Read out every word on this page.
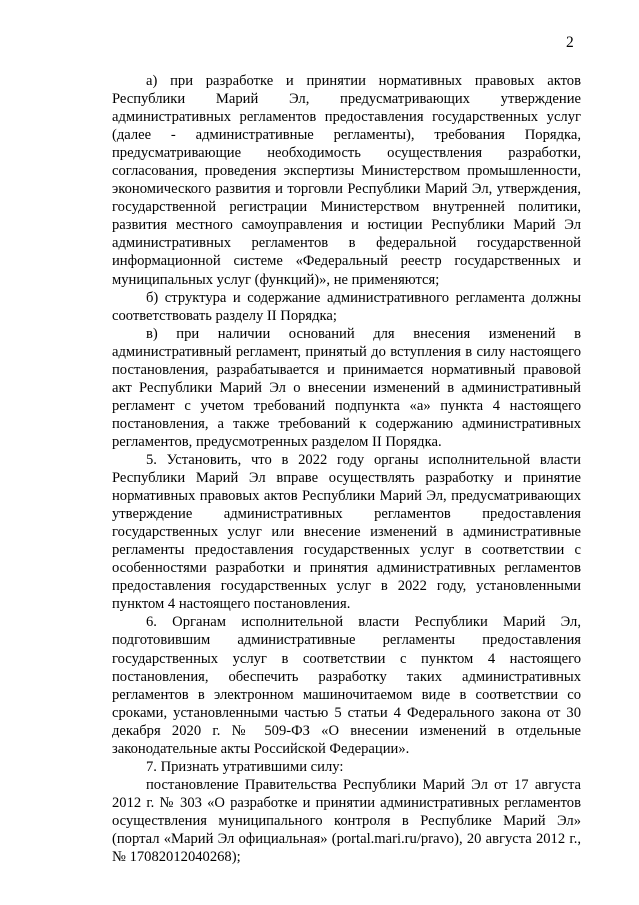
2

а) при разработке и принятии нормативных правовых актов Республики Марий Эл, предусматривающих утверждение административных регламентов предоставления государственных услуг (далее - административные регламенты), требования Порядка, предусматривающие необходимость осуществления разработки, согласования, проведения экспертизы Министерством промышленности, экономического развития и торговли Республики Марий Эл, утверждения, государственной регистрации Министерством внутренней политики, развития местного самоуправления и юстиции Республики Марий Эл административных регламентов в федеральной государственной информационной системе «Федеральный реестр государственных и муниципальных услуг (функций)», не применяются;

б) структура и содержание административного регламента должны соответствовать разделу II Порядка;

в) при наличии оснований для внесения изменений в административный регламент, принятый до вступления в силу настоящего постановления, разрабатывается и принимается нормативный правовой акт Республики Марий Эл о внесении изменений в административный регламент с учетом требований подпункта «а» пункта 4 настоящего постановления, а также требований к содержанию административных регламентов, предусмотренных разделом II Порядка.

5. Установить, что в 2022 году органы исполнительной власти Республики Марий Эл вправе осуществлять разработку и принятие нормативных правовых актов Республики Марий Эл, предусматривающих утверждение административных регламентов предоставления государственных услуг или внесение изменений в административные регламенты предоставления государственных услуг в соответствии с особенностями разработки и принятия административных регламентов предоставления государственных услуг в 2022 году, установленными пунктом 4 настоящего постановления.

6. Органам исполнительной власти Республики Марий Эл, подготовившим административные регламенты предоставления государственных услуг в соответствии с пунктом 4 настоящего постановления, обеспечить разработку таких административных регламентов в электронном машиночитаемом виде в соответствии со сроками, установленными частью 5 статьи 4 Федерального закона от 30 декабря 2020 г. № 509-ФЗ «О внесении изменений в отдельные законодательные акты Российской Федерации».

7. Признать утратившими силу:

постановление Правительства Республики Марий Эл от 17 августа 2012 г. № 303 «О разработке и принятии административных регламентов осуществления муниципального контроля в Республике Марий Эл» (портал «Марий Эл официальная» (portal.mari.ru/pravo), 20 августа 2012 г., № 17082012040268);
